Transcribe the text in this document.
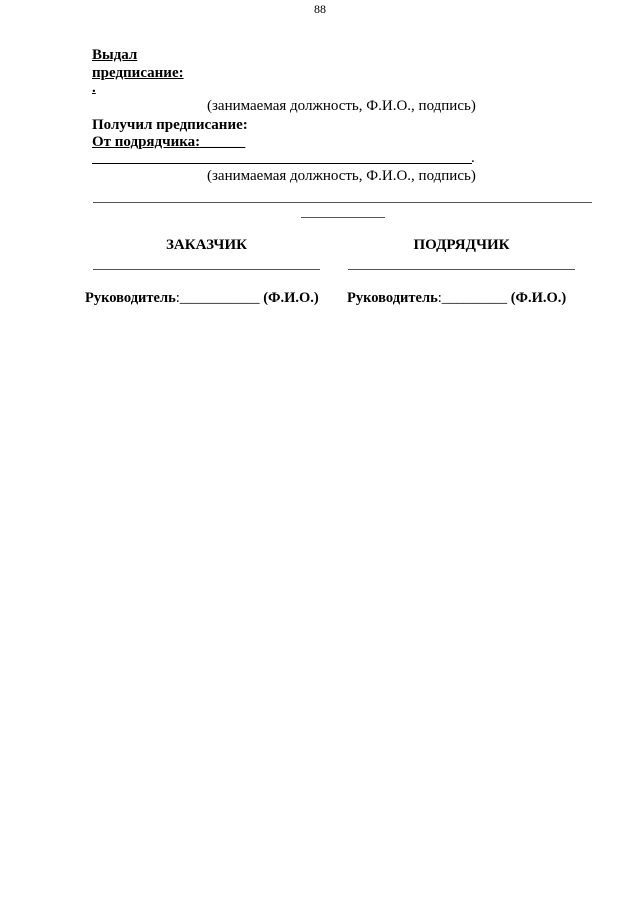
88
Выдал
предписание:
.
(занимаемая должность, Ф.И.О., подпись)
Получил предписание:
От подрядчика:______
.
(занимаемая должность, Ф.И.О., подпись)
ЗАКАЗЧИК
Руководитель:___________ (Ф.И.О.)
ПОДРЯДЧИК
Руководитель:_________ (Ф.И.О.)
